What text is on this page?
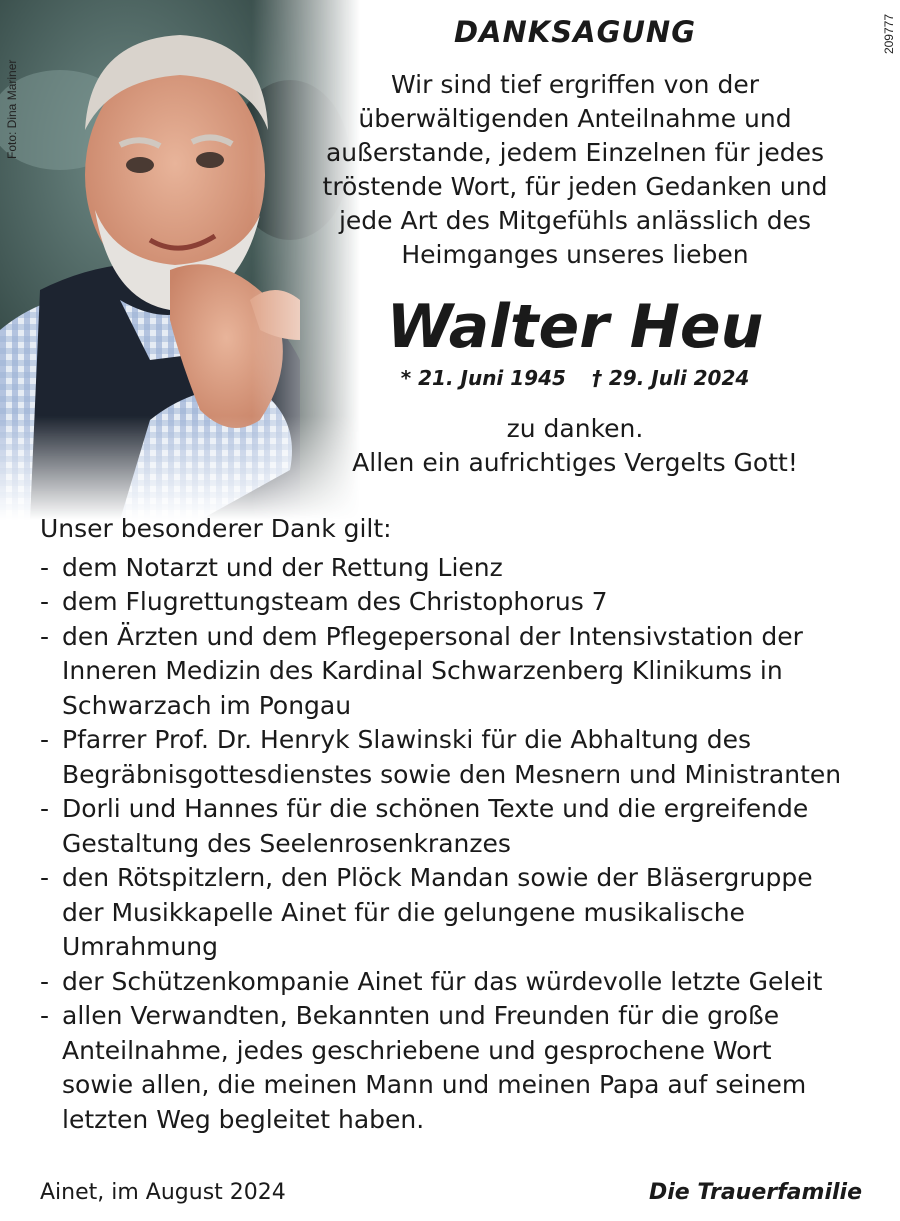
Foto: Dina Mariner
209777
DANKSAGUNG
Wir sind tief ergriffen von der
überwältigenden Anteilnahme und
außerstande, jedem Einzelnen für jedes
tröstende Wort, für jeden Gedanken und
jede Art des Mitgefühls anlässlich des
Heimganges unseres lieben
Walter Heu
* 21. Juni 1945 † 29. Juli 2024
zu danken.
Allen ein aufrichtiges Vergelts Gott!
Unser besonderer Dank gilt:
- dem Notarzt und der Rettung Lienz
- dem Flugrettungsteam des Christophorus 7
- den Ärzten und dem Pflegepersonal der Intensivstation der
Inneren Medizin des Kardinal Schwarzenberg Klinikums in
Schwarzach im Pongau
- Pfarrer Prof. Dr. Henryk Slawinski für die Abhaltung des
Begräbnisgottesdienstes sowie den Mesnern und Ministranten
- Dorli und Hannes für die schönen Texte und die ergreifende
Gestaltung des Seelenrosenkranzes
- den Rötspitzlern, den Plöck Mandan sowie der Bläsergruppe
der Musikkapelle Ainet für die gelungene musikalische
Umrahmung
- der Schützenkompanie Ainet für das würdevolle letzte Geleit
- allen Verwandten, Bekannten und Freunden für die große
Anteilnahme, jedes geschriebene und gesprochene Wort
sowie allen, die meinen Mann und meinen Papa auf seinem
letzten Weg begleitet haben.
Ainet, im August 2024	Die Trauerfamilie
